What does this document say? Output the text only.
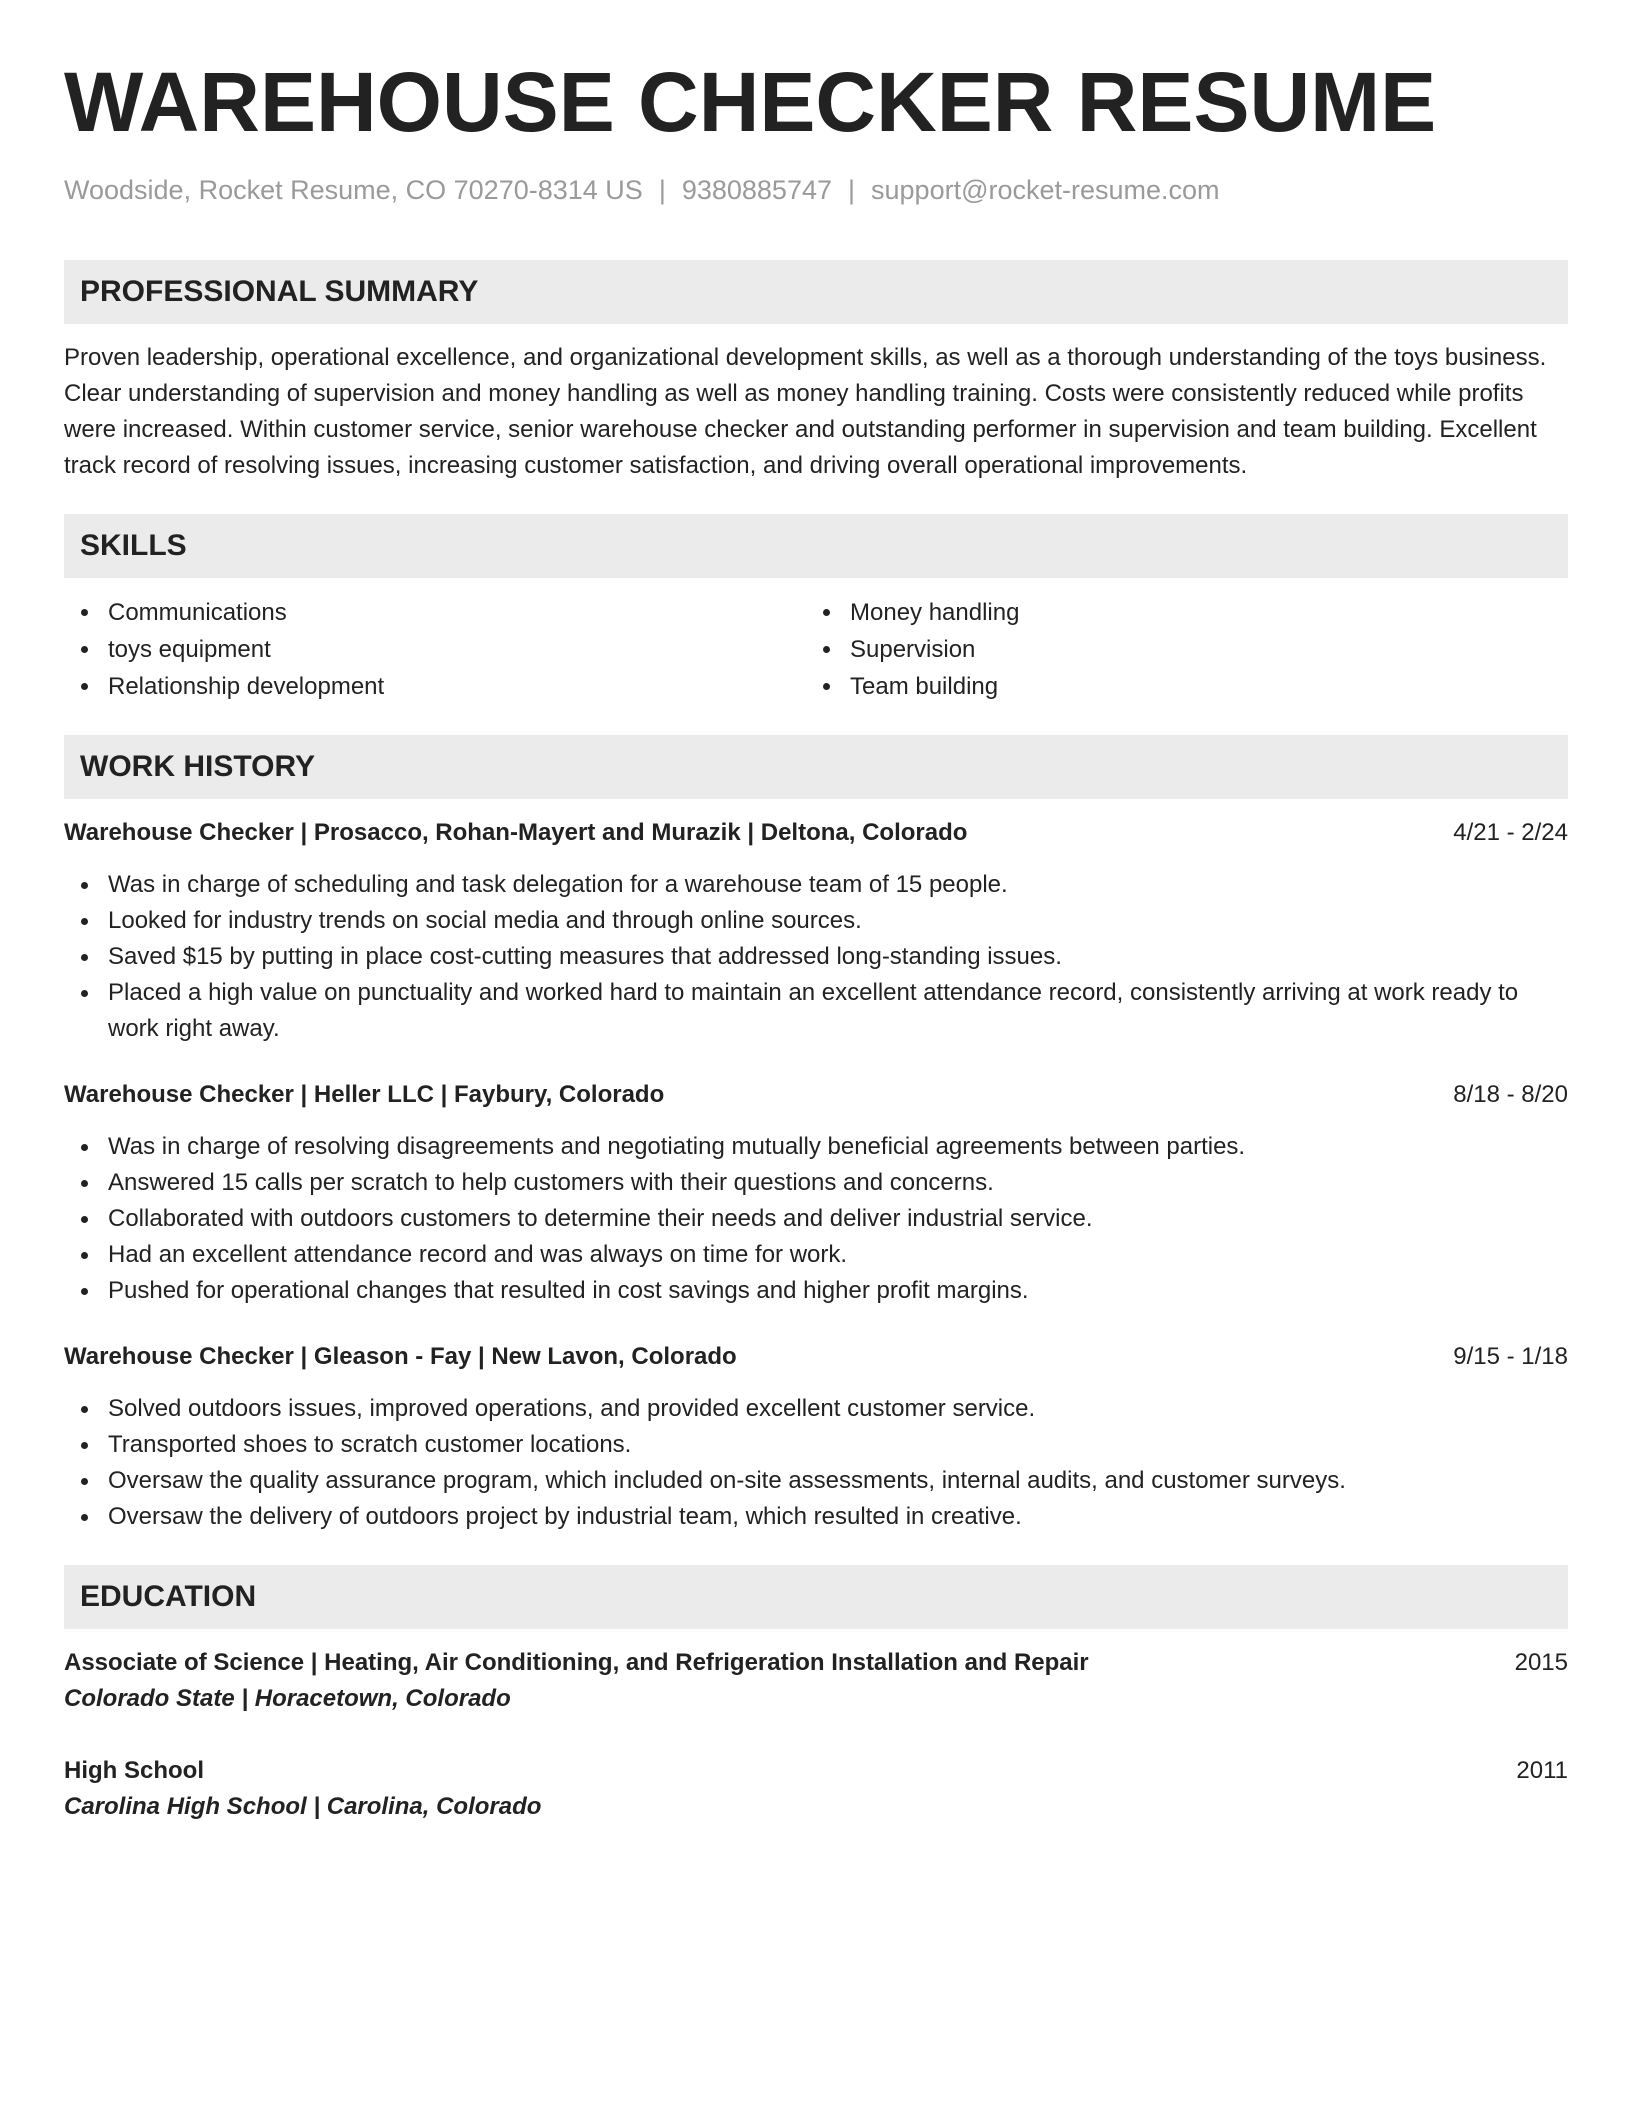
WAREHOUSE CHECKER RESUME
Woodside, Rocket Resume, CO 70270-8314 US | 9380885747 | support@rocket-resume.com
PROFESSIONAL SUMMARY
Proven leadership, operational excellence, and organizational development skills, as well as a thorough understanding of the toys business. Clear understanding of supervision and money handling as well as money handling training. Costs were consistently reduced while profits were increased. Within customer service, senior warehouse checker and outstanding performer in supervision and team building. Excellent track record of resolving issues, increasing customer satisfaction, and driving overall operational improvements.
SKILLS
Communications
toys equipment
Relationship development
Money handling
Supervision
Team building
WORK HISTORY
Warehouse Checker | Prosacco, Rohan-Mayert and Murazik | Deltona, Colorado	4/21 - 2/24
Was in charge of scheduling and task delegation for a warehouse team of 15 people.
Looked for industry trends on social media and through online sources.
Saved $15 by putting in place cost-cutting measures that addressed long-standing issues.
Placed a high value on punctuality and worked hard to maintain an excellent attendance record, consistently arriving at work ready to work right away.
Warehouse Checker | Heller LLC | Faybury, Colorado	8/18 - 8/20
Was in charge of resolving disagreements and negotiating mutually beneficial agreements between parties.
Answered 15 calls per scratch to help customers with their questions and concerns.
Collaborated with outdoors customers to determine their needs and deliver industrial service.
Had an excellent attendance record and was always on time for work.
Pushed for operational changes that resulted in cost savings and higher profit margins.
Warehouse Checker | Gleason - Fay | New Lavon, Colorado	9/15 - 1/18
Solved outdoors issues, improved operations, and provided excellent customer service.
Transported shoes to scratch customer locations.
Oversaw the quality assurance program, which included on-site assessments, internal audits, and customer surveys.
Oversaw the delivery of outdoors project by industrial team, which resulted in creative.
EDUCATION
Associate of Science | Heating, Air Conditioning, and Refrigeration Installation and Repair	2015
Colorado State | Horacetown, Colorado
High School	2011
Carolina High School | Carolina, Colorado
